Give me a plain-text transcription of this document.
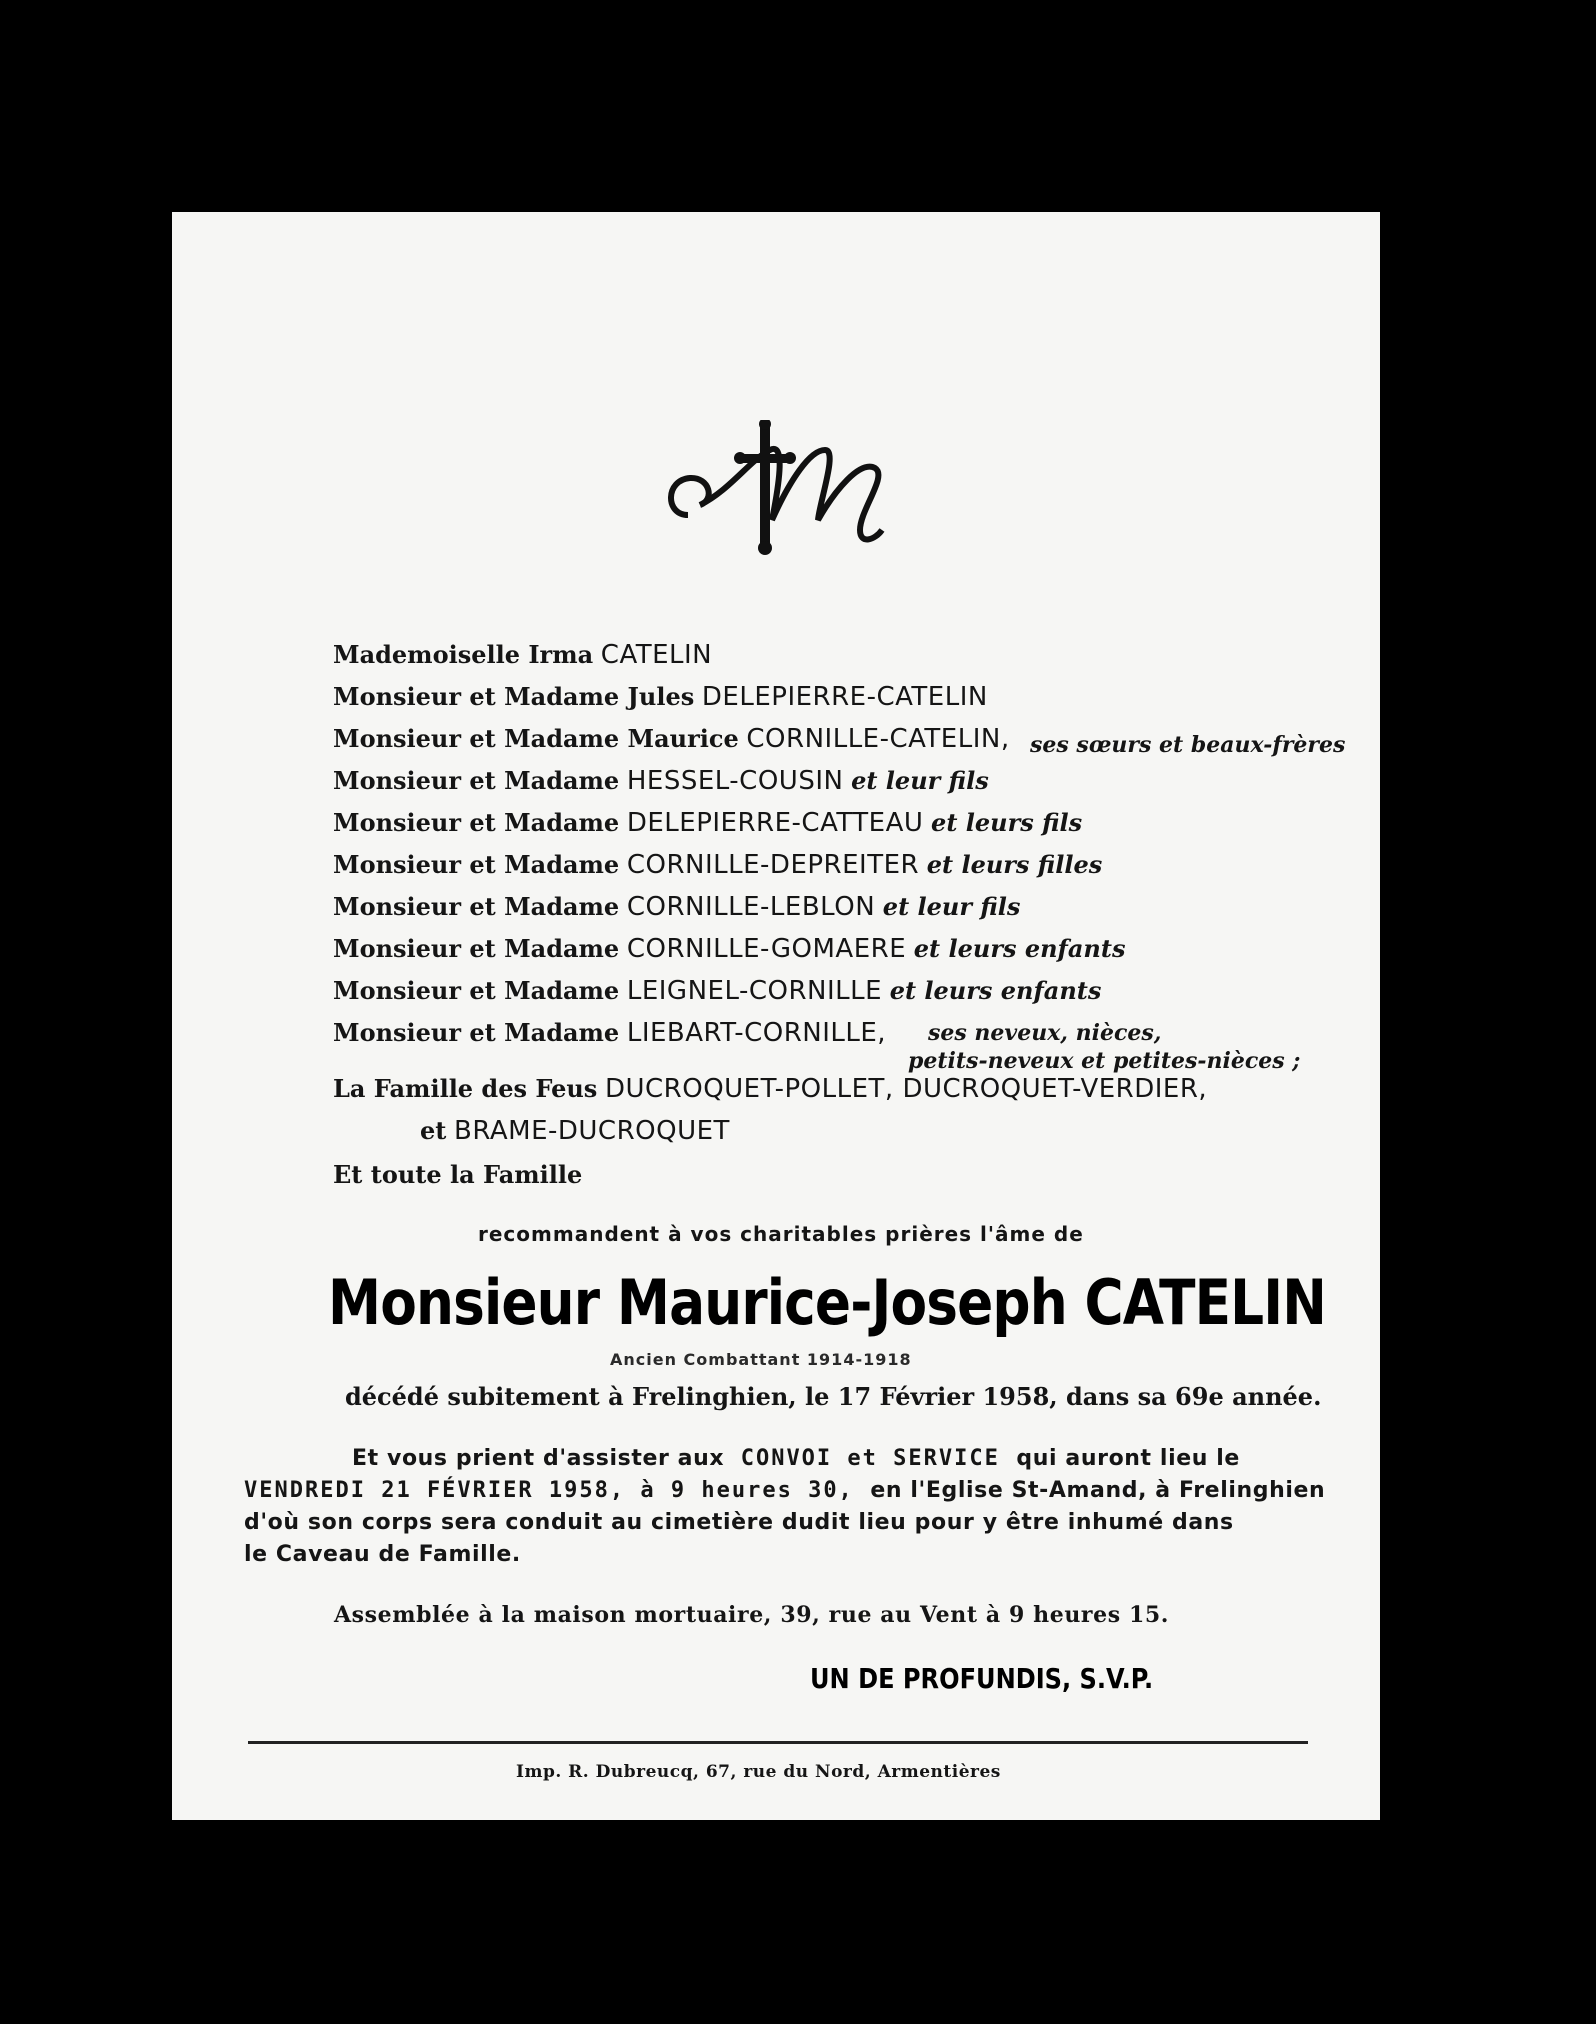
Mademoiselle Irma CATELIN
Monsieur et Madame Jules DELEPIERRE-CATELIN
Monsieur et Madame Maurice CORNILLE-CATELIN,
Monsieur et Madame HESSEL-COUSIN et leur fils
Monsieur et Madame DELEPIERRE-CATTEAU et leurs fils
Monsieur et Madame CORNILLE-DEPREITER et leurs filles
Monsieur et Madame CORNILLE-LEBLON et leur fils
Monsieur et Madame CORNILLE-GOMAERE et leurs enfants
Monsieur et Madame LEIGNEL-CORNILLE et leurs enfants
Monsieur et Madame LIEBART-CORNILLE,
ses sœurs et beaux-frères
ses neveux, nièces,
petits-neveux et petites-nièces ;
La Famille des Feus DUCROQUET-POLLET, DUCROQUET-VERDIER,
et BRAME-DUCROQUET
Et toute la Famille
recommandent à vos charitables prières l'âme de
Monsieur Maurice-Joseph CATELIN
Ancien Combattant 1914-1918
décédé subitement à Frelinghien, le 17 Février 1958, dans sa 69e année.
Et vous prient d'assister aux CONVOI et SERVICE qui auront lieu le
VENDREDI 21 FÉVRIER 1958, à 9 heures 30, en l'Eglise St-Amand, à Frelinghien
d'où son corps sera conduit au cimetière dudit lieu pour y être inhumé dans
le Caveau de Famille.
Assemblée à la maison mortuaire, 39, rue au Vent à 9 heures 15.
UN DE PROFUNDIS, S.V.P.
Imp. R. Dubreucq, 67, rue du Nord, Armentières
